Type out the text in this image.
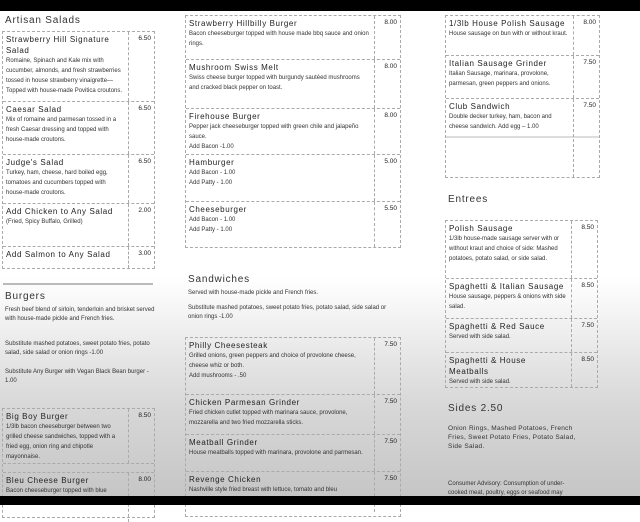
Artisan Salads
Strawberry Hill Signature Salad
Romaine, Spinach and Kale mix with cucumber, almonds, and fresh strawberries tossed in house strawberry vinaigrette—Topped with house-made Povitica croutons.
6.50
Caesar Salad
Mix of romaine and parmesan tossed in a fresh Caesar dressing and topped with house-made croutons.
6.50
Judge's Salad
Turkey, ham, cheese, hard boiled egg, tomatoes and cucumbers topped with house-made croutons.
6.50
Add Chicken to Any Salad
(Fried, Spicy Buffalo, Grilled)
2.00
Add Salmon to Any Salad	3.00
Burgers
Fresh beef blend of sirloin, tenderloin and brisket served with house-made pickle and French fries.
Substitute mashed potatoes, sweet potato fries, potato salad, side salad or onion rings -1.00
Substitute Any Burger with Vegan Black Bean burger - 1.00
Big Boy Burger
1/3lb bacon cheeseburger between two grilled cheese sandwiches, topped with a fried egg, onion ring and chipotle mayonnaise.
8.50
Bleu Cheese Burger
Bacon cheeseburger topped with blue
8.00
Strawberry Hillbilly Burger
Bacon cheeseburger topped with house made bbq sauce and onion rings.
8.00
Mushroom Swiss Melt
Swiss cheese burger topped with burgundy sautéed mushrooms and cracked black pepper on toast.
8.00
Firehouse Burger
Pepper jack cheeseburger topped with green chile and jalapeño sauce.
Add Bacon -1.00
8.00
Hamburger
Add Bacon - 1.00
Add Patty - 1.00
5.00
Cheeseburger
Add Bacon - 1.00
Add Patty - 1.00
5.50
Sandwiches
Served with house-made pickle and French fries.
Substitute mashed potatoes, sweet potato fries, potato salad, side salad or onion rings -1.00
Philly Cheesesteak
Grilled onions, green peppers and choice of provolone cheese, cheese whiz or both.
Add mushrooms - .50
7.50
Chicken Parmesan Grinder
Fried chicken cutlet topped with marinara sauce, provolone, mozzarella and two fried mozzarella sticks.
7.50
Meatball Grinder
House meatballs topped with marinara, provolone and parmesan.
7.50
Revenge Chicken
Nashville style fried breast with lettuce, tomato and bleu
7.50
1/3lb House Polish Sausage
House sausage on bun with or without kraut.
8.00
Italian Sausage Grinder
Italian Sausage, marinara, provolone, parmesan, green peppers and onions.
7.50
Club Sandwich
Double decker turkey, ham, bacon and cheese sandwich. Add egg – 1.00
7.50
Entrees
Polish Sausage
1/3lb house-made sausage server with or without kraut and choice of side: Mashed potatoes, potato salad, or side salad.
8.50
Spaghetti & Italian Sausage
House sausage, peppers & onions with side salad.
8.50
Spaghetti & Red Sauce
Served with side salad.
7.50
Spaghetti & House Meatballs
Served with side salad.
8.50
Sides 2.50
Onion Rings, Mashed Potatoes, French Fries, Sweet Potato Fries, Potato Salad, Side Salad.
Consumer Advisory: Consumption of under-cooked meat, poultry, eggs or seafood may
